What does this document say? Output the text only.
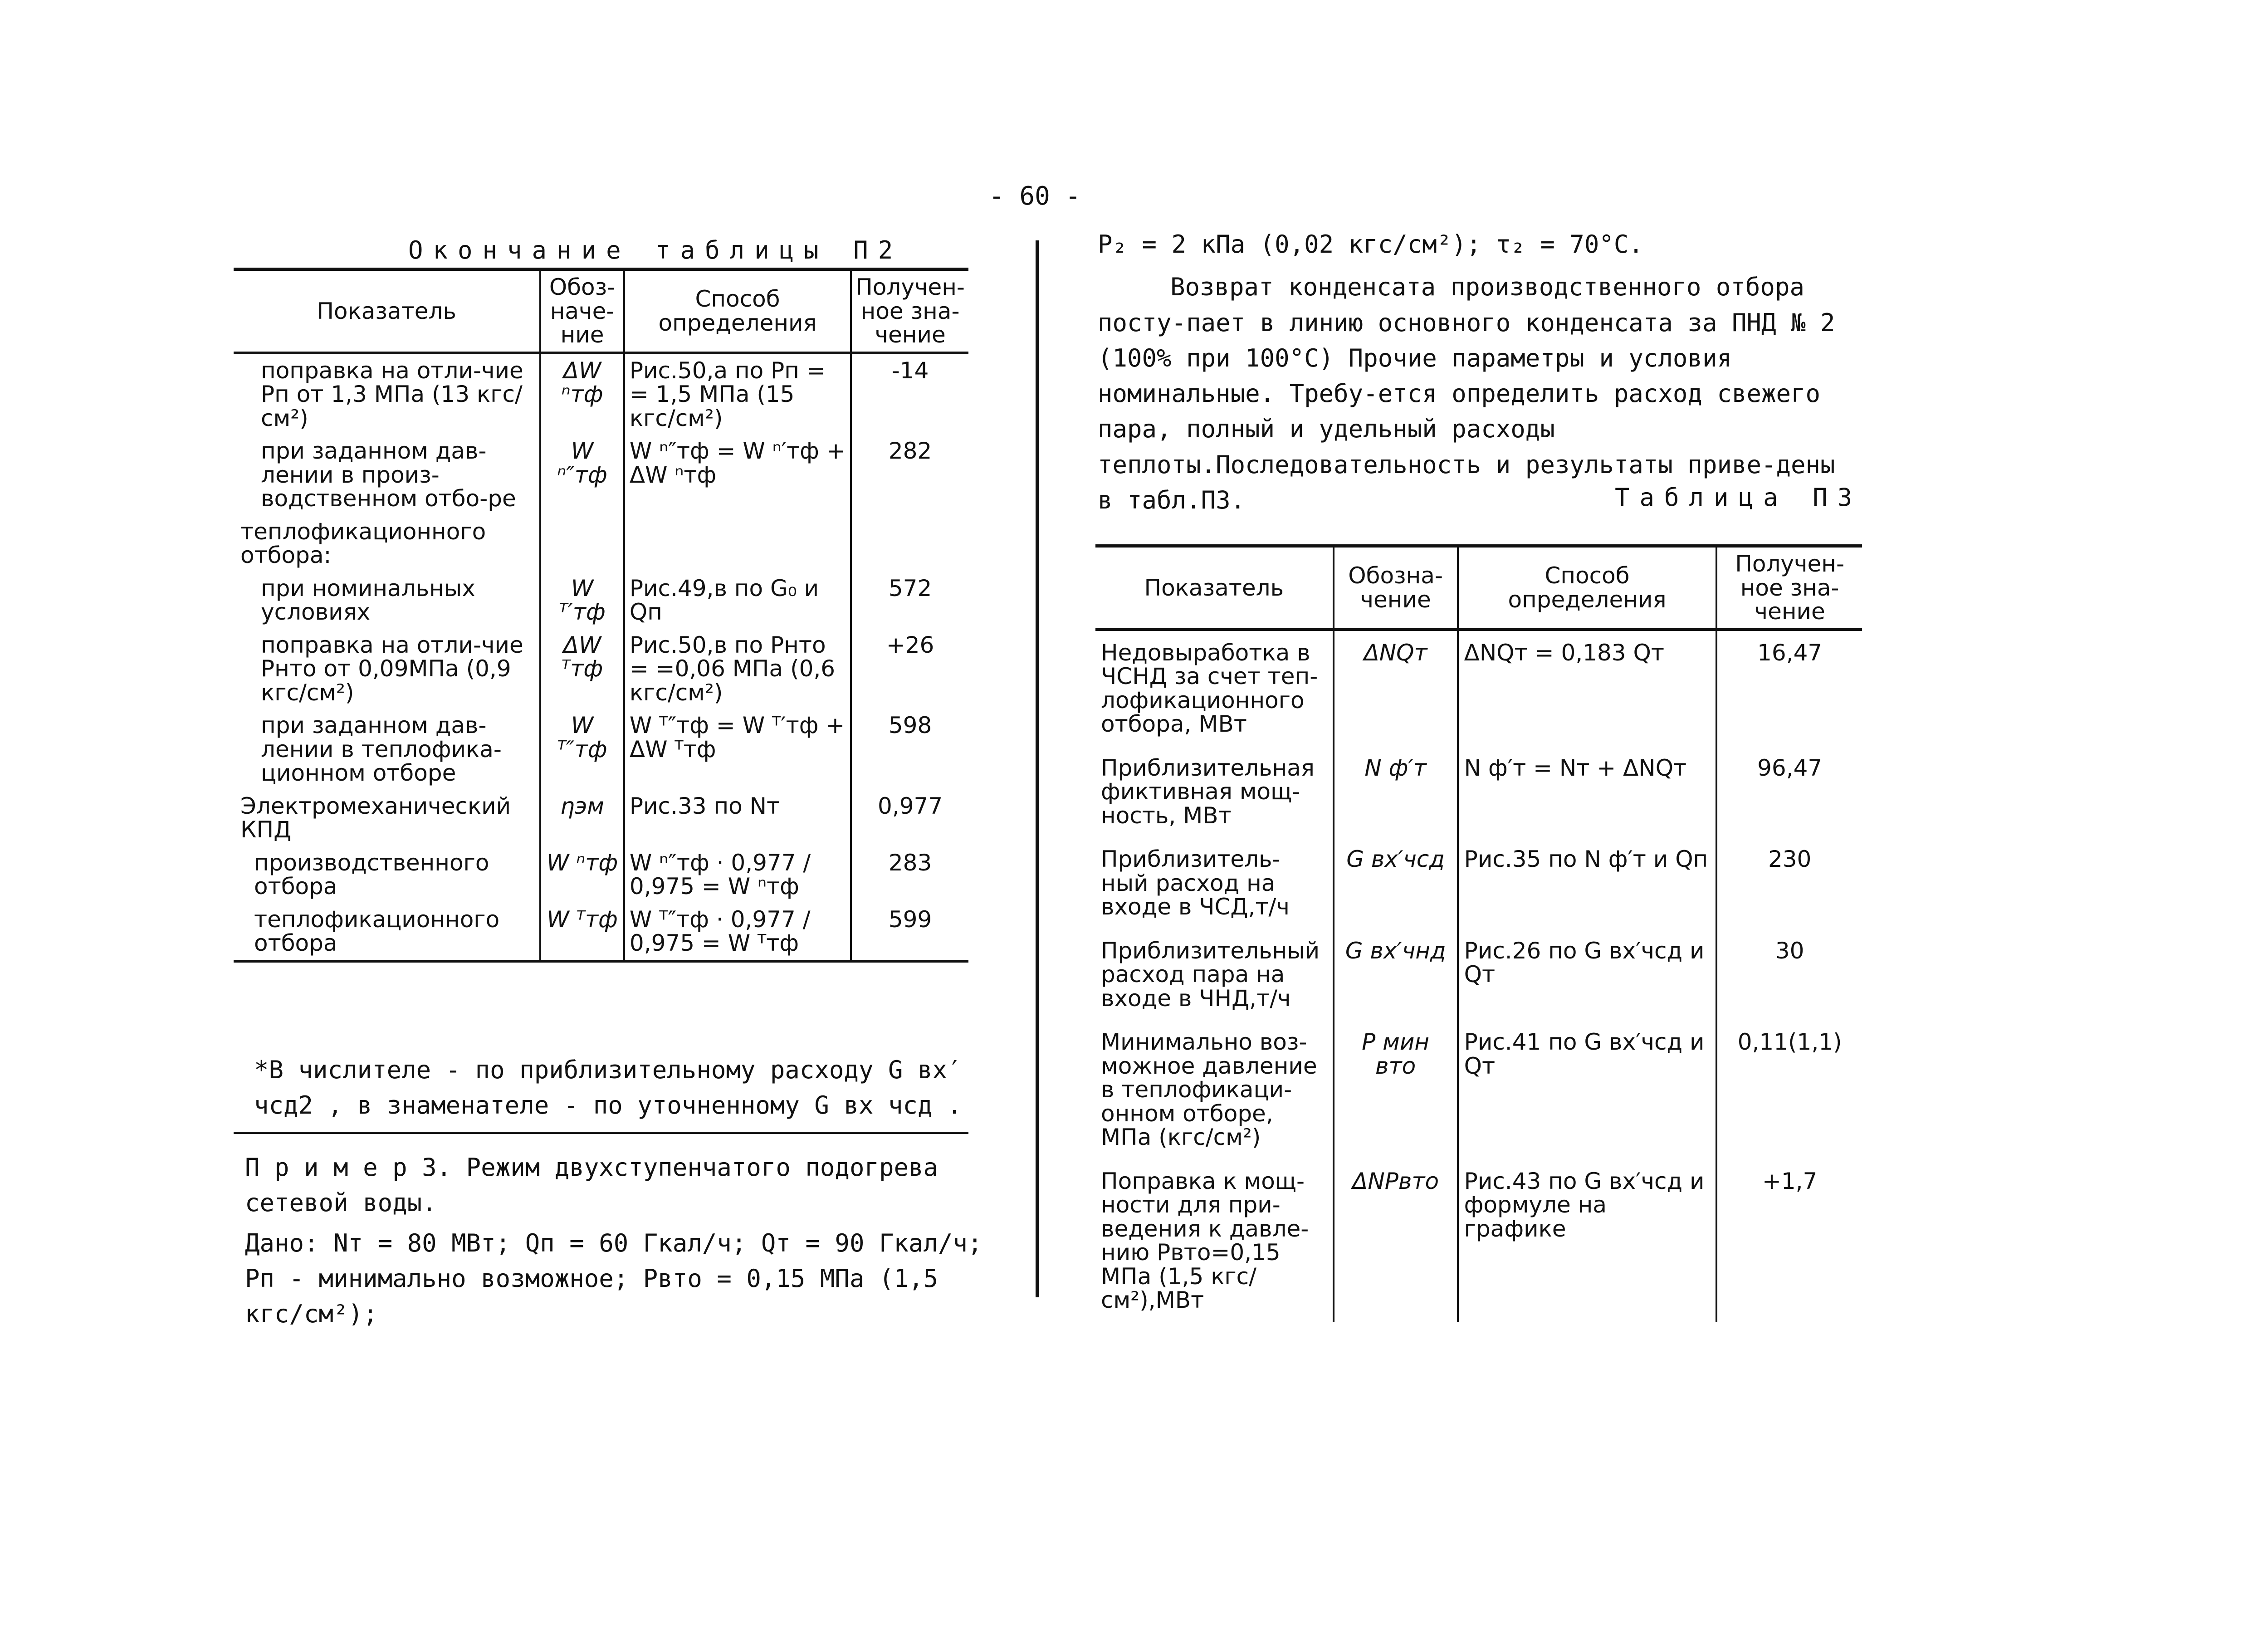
- 60 -
Окончание таблицы П2
Показатель	Обоз-наче-ние	Способ определения	Получен-ное зна-чение
поправка на отли-чие Pп от 1,3 МПа (13 кгс/см²)	ΔW ⁿтф	Рис.50,а по Pп = = 1,5 МПа (15 кгс/см²)	-14
при заданном дав-лении в произ-водственном отбо-ре	W ⁿ″тф	W ⁿ″тф = W ⁿ′тф + ΔW ⁿтф	282
теплофикационного отбора:			
при номинальных условиях	W ᵀ′тф	Рис.49,в по G₀ и Qп	572
поправка на отли-чие Pнто от 0,09МПа (0,9 кгс/см²)	ΔW ᵀтф	Рис.50,в по Pнто = =0,06 МПа (0,6 кгс/см²)	+26
при заданном дав-лении в теплофика-ционном отборе	W ᵀ″тф	W ᵀ″тф = W ᵀ′тф + ΔW ᵀтф	598
Электромеханический КПД	ηэм	Рис.33 по Nт	0,977
производственного отбора	W ⁿтф	W ⁿ″тф · 0,977 / 0,975 = W ⁿтф	283
теплофикационного отбора	W ᵀтф	W ᵀ″тф · 0,977 / 0,975 = W ᵀтф	599
*В числителе - по приблизительному расходу G вх′ чсд2 , в знаменателе - по уточненному G вх чсд .

П р и м е р 3. Режим двухступенчатого подогрева сетевой воды.

Дано: Nт = 80 МВт; Qп = 60 Гкал/ч; Qт = 90 Гкал/ч; Pп - минимально возможное; Pвто = 0,15 МПа (1,5 кгс/см²);

P₂ = 2 кПа (0,02 кгс/см²); τ₂ = 70°С.

Возврат конденсата производственного отбора посту-пает в линию основного конденсата за ПНД № 2 (100% при 100°С) Прочие параметры и условия номинальные. Требу-ется определить расход свежего пара, полный и удельный расходы теплоты.Последовательность и результаты приве-дены в табл.П3.	Таблица П3
Показатель	Обозна-чение	Способ определения	Получен-ное зна-чение
Недовыработка в ЧСНД за счет теп-лофикационного отбора, МВт	ΔNQт	ΔNQт = 0,183 Qт	16,47
Приблизительная фиктивная мощ-ность, МВт	N ф′т	N ф′т = Nт + ΔNQт	96,47
Приблизитель-ный расход на входе в ЧСД,т/ч	G вх′чсд	Рис.35 по N ф′т и Qп	230
Приблизительный расход пара на входе в ЧНД,т/ч	G вх′чнд	Рис.26 по G вх′чсд и Qт	30
Минимально воз-можное давление в теплофикаци-онном отборе, МПа (кгс/см²)	P мин вто	Рис.41 по G вх′чсд и Qт	0,11(1,1)
Поправка к мощ-ности для при-ведения к давле-нию Pвто=0,15 МПа (1,5 кгс/см²),МВт	ΔNPвто	Рис.43 по G вх′чсд и формуле на графике	+1,7
